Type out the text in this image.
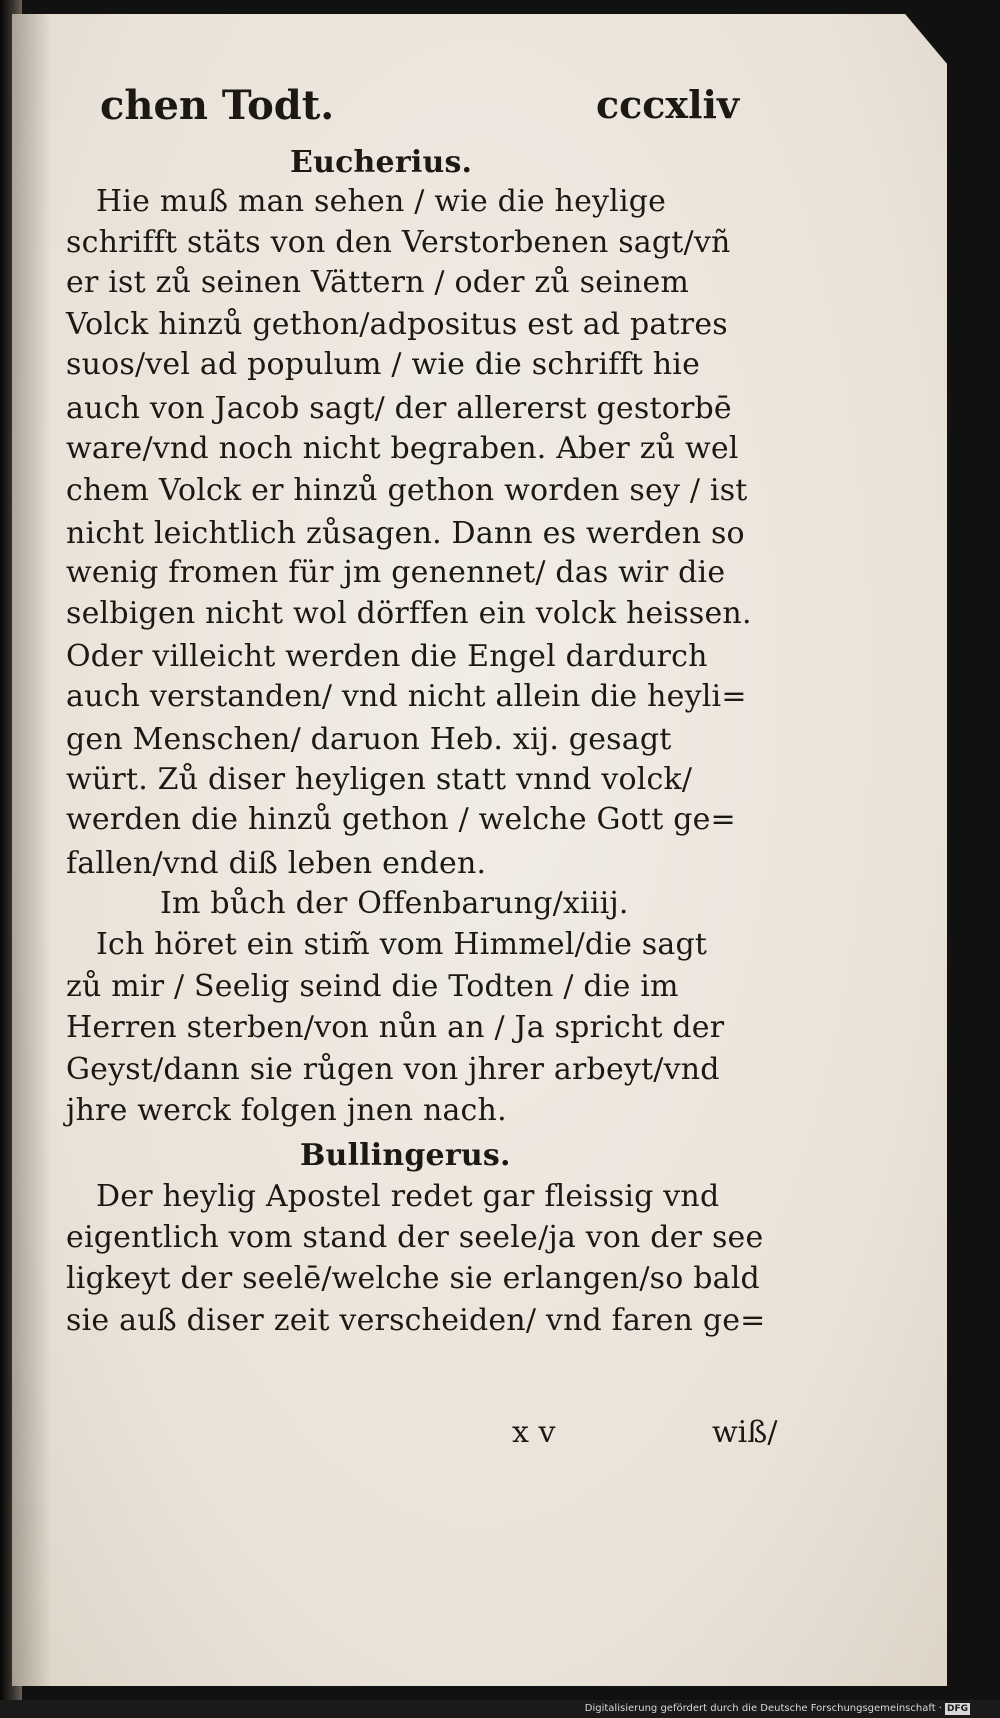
chen Todt.	cccxliv
Eucherius.
Hie muß man sehen / wie die heylige
schrifft stäts von den Verstorbenen sagt/vñ
er ist zů seinen Vättern / oder zů seinem
Volck hinzů gethon/adpositus est ad patres
suos/vel ad populum / wie die schrifft hie
auch von Jacob sagt/ der allererst gestorbē
ware/vnd noch nicht begraben. Aber zů wel
chem Volck er hinzů gethon worden sey / ist
nicht leichtlich zůsagen. Dann es werden so
wenig fromen für jm genennet/ das wir die
selbigen nicht wol dörffen ein volck heissen.
Oder villeicht werden die Engel dardurch
auch verstanden/ vnd nicht allein die heyli=
gen Menschen/ daruon Heb. xij. gesagt
würt. Zů diser heyligen statt vnnd volck/
werden die hinzů gethon / welche Gott ge=
fallen/vnd diß leben enden.
Im bůch der Offenbarung/xiiij.
Ich höret ein stim̃ vom Himmel/die sagt
zů mir / Seelig seind die Todten / die im
Herren sterben/von nůn an / Ja spricht der
Geyst/dann sie růgen von jhrer arbeyt/vnd
jhre werck folgen jnen nach.
Bullingerus.
Der heylig Apostel redet gar fleissig vnd
eigentlich vom stand der seele/ja von der see
ligkeyt der seelē/welche sie erlangen/so bald
sie auß diser zeit verscheiden/ vnd faren ge=
x v	wiß/
Digitalisierung gefördert durch die Deutsche Forschungsgemeinschaft · DFG
